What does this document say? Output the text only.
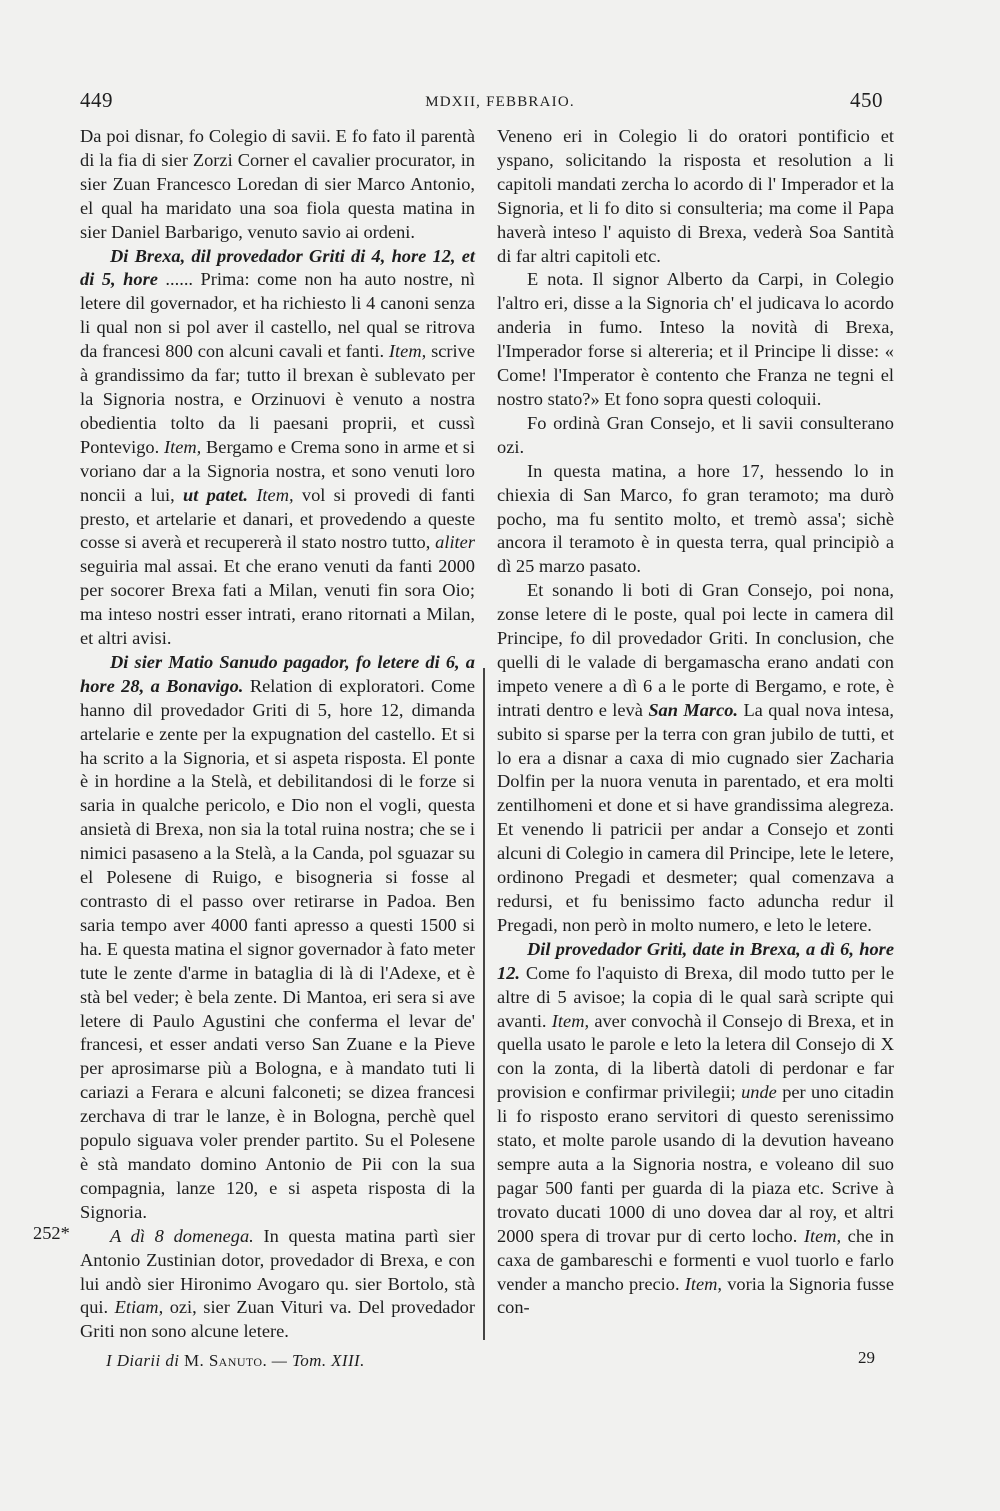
449	MDXII, FEBBRAIO.	450

Da poi disnar, fo Colegio di savii. E fo fato il parentà di la fia di sier Zorzi Corner el cavalier procurator, in sier Zuan Francesco Loredan di sier Marco Antonio, el qual ha maridato una soa fiola questa matina in sier Daniel Barbarigo, venuto savio ai ordeni.

Di Brexa, dil provedador Griti di 4, hore 12, et di 5, hore ...... Prima: come non ha auto nostre, nì letere dil governador, et ha richiesto li 4 canoni senza li qual non si pol aver il castello, nel qual se ritrova da francesi 800 con alcuni cavali et fanti. Item, scrive à grandissimo da far; tutto il brexan è sublevato per la Signoria nostra, e Orzinuovi è venuto a nostra obedientia tolto da li paesani proprii, et cussì Pontevigo. Item, Bergamo e Crema sono in arme et si voriano dar a la Signoria nostra, et sono venuti loro noncii a lui, ut patet. Item, vol si provedi di fanti presto, et artelarie et danari, et provedendo a queste cosse si averà et recupererà il stato nostro tutto, aliter seguiria mal assai. Et che erano venuti da fanti 2000 per socorer Brexa fati a Milan, venuti fin sora Oio; ma inteso nostri esser intrati, erano ritornati a Milan, et altri avisi.

Di sier Matio Sanudo pagador, fo letere di 6, a hore 28, a Bonavigo. Relation di exploratori. Come hanno dil provedador Griti di 5, hore 12, dimanda artelarie e zente per la expugnation del castello. Et si ha scrito a la Signoria, et si aspeta risposta. El ponte è in hordine a la Stelà, et debilitandosi di le forze si saria in qualche pericolo, e Dio non el vogli, questa ansietà di Brexa, non sia la total ruina nostra; che se i nimici pasaseno a la Stelà, a la Canda, pol sguazar su el Polesene di Ruigo, e bisogneria si fosse al contrasto di el passo over retirarse in Padoa. Ben saria tempo aver 4000 fanti apresso a questi 1500 si ha. E questa matina el signor governador à fato meter tute le zente d'arme in bataglia di là di l'Adexe, et è stà bel veder; è bela zente. Di Mantoa, eri sera si ave letere di Paulo Agustini che conferma el levar de' francesi, et esser andati verso San Zuane e la Pieve per aprosimarse più a Bologna, e à mandato tuti li cariazi a Ferara e alcuni falconeti; se dizea francesi zerchava di trar le lanze, è in Bologna, perchè quel populo siguava voler prender partito. Su el Polesene è stà mandato domino Antonio de Pii con la sua compagnia, lanze 120, e si aspeta risposta di la Signoria.

A dì 8 domenega. In questa matina partì sier Antonio Zustinian dotor, provedador di Brexa, e con lui andò sier Hironimo Avogaro qu. sier Bortolo, stà qui. Etiam, ozi, sier Zuan Vituri va. Del provedador Griti non sono alcune letere.

Veneno eri in Colegio li do oratori pontificio et yspano, solicitando la risposta et resolution a li capitoli mandati zercha lo acordo di l' Imperador et la Signoria, et li fo dito si consulteria; ma come il Papa haverà inteso l' aquisto di Brexa, vederà Soa Santità di far altri capitoli etc.

E nota. Il signor Alberto da Carpi, in Colegio l'altro eri, disse a la Signoria ch' el judicava lo acordo anderia in fumo. Inteso la novità di Brexa, l'Imperador forse si altereria; et il Principe li disse: « Come! l'Imperator è contento che Franza ne tegni el nostro stato?» Et fono sopra questi coloquii.

Fo ordinà Gran Consejo, et li savii consulterano ozi.

In questa matina, a hore 17, hessendo lo in chiexia di San Marco, fo gran teramoto; ma durò pocho, ma fu sentito molto, et tremò assa'; sichè ancora il teramoto è in questa terra, qual principiò a dì 25 marzo pasato.

Et sonando li boti di Gran Consejo, poi nona, zonse letere di le poste, qual poi lecte in camera dil Principe, fo dil provedador Griti. In conclusion, che quelli di le valade di bergamascha erano andati con impeto venere a dì 6 a le porte di Bergamo, e rote, è intrati dentro e levà San Marco. La qual nova intesa, subito si sparse per la terra con gran jubilo de tutti, et lo era a disnar a caxa di mio cugnado sier Zacharia Dolfin per la nuora venuta in parentado, et era molti zentilhomeni et done et si have grandissima alegreza. Et venendo li patricii per andar a Consejo et zonti alcuni di Colegio in camera dil Principe, lete le letere, ordinono Pregadi et desmeter; qual comenzava a redursi, et fu benissimo facto aduncha redur il Pregadi, non però in molto numero, e leto le letere.

Dil provedador Griti, date in Brexa, a dì 6, hore 12. Come fo l'aquisto di Brexa, dil modo tutto per le altre di 5 avisoe; la copia di le qual sarà scripte qui avanti. Item, aver convochà il Consejo di Brexa, et in quella usato le parole e leto la letera dil Consejo di X con la zonta, di la libertà datoli di perdonar e far provision e confirmar privilegii; unde per uno citadin li fo risposto erano servitori di questo serenissimo stato, et molte parole usando di la devution haveano sempre auta a la Signoria nostra, e voleano dil suo pagar 500 fanti per guarda di la piaza etc. Scrive à trovato ducati 1000 di uno dovea dar al roy, et altri 2000 spera di trovar pur di certo locho. Item, che in caxa de gambareschi e formenti e vuol tuorlo e farlo vender a mancho precio. Item, voria la Signoria fusse con-

252*
I Diarii di M. Sanuto. — Tom. XIII.	29
